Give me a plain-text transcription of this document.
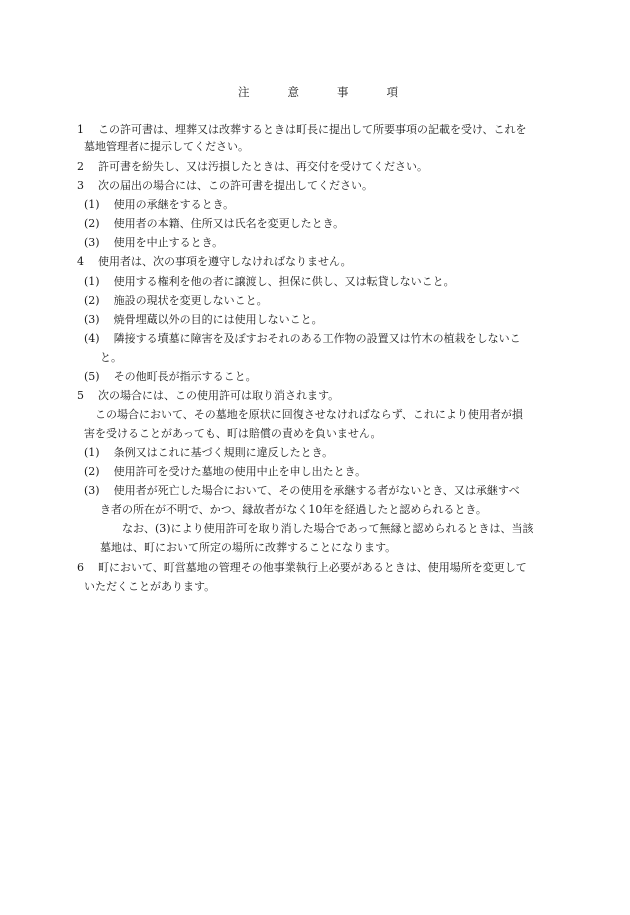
注	意	事	項
1 この許可書は、埋葬又は改葬するときは町長に提出して所要事項の記載を受け、これを
墓地管理者に提示してください。
2 許可書を紛失し、又は汚損したときは、再交付を受けてください。
3 次の届出の場合には、この許可書を提出してください。
(1) 使用の承継をするとき。
(2) 使用者の本籍、住所又は氏名を変更したとき。
(3) 使用を中止するとき。
4 使用者は、次の事項を遵守しなければなりません。
(1) 使用する権利を他の者に譲渡し、担保に供し、又は転貸しないこと。
(2) 施設の現状を変更しないこと。
(3) 焼骨埋蔵以外の目的には使用しないこと。
(4) 隣接する墳墓に障害を及ぼすおそれのある工作物の設置又は竹木の植栽をしないこ
と。
(5) その他町長が指示すること。
5 次の場合には、この使用許可は取り消されます。
この場合において、その墓地を原状に回復させなければならず、これにより使用者が損
害を受けることがあっても、町は賠償の責めを負いません。
(1) 条例又はこれに基づく規則に違反したとき。
(2) 使用許可を受けた墓地の使用中止を申し出たとき。
(3) 使用者が死亡した場合において、その使用を承継する者がないとき、又は承継すべ
き者の所在が不明で、かつ、縁故者がなく10年を経過したと認められるとき。
なお、(3)により使用許可を取り消した場合であって無縁と認められるときは、当該
墓地は、町において所定の場所に改葬することになります。
6 町において、町営墓地の管理その他事業執行上必要があるときは、使用場所を変更して
いただくことがあります。
